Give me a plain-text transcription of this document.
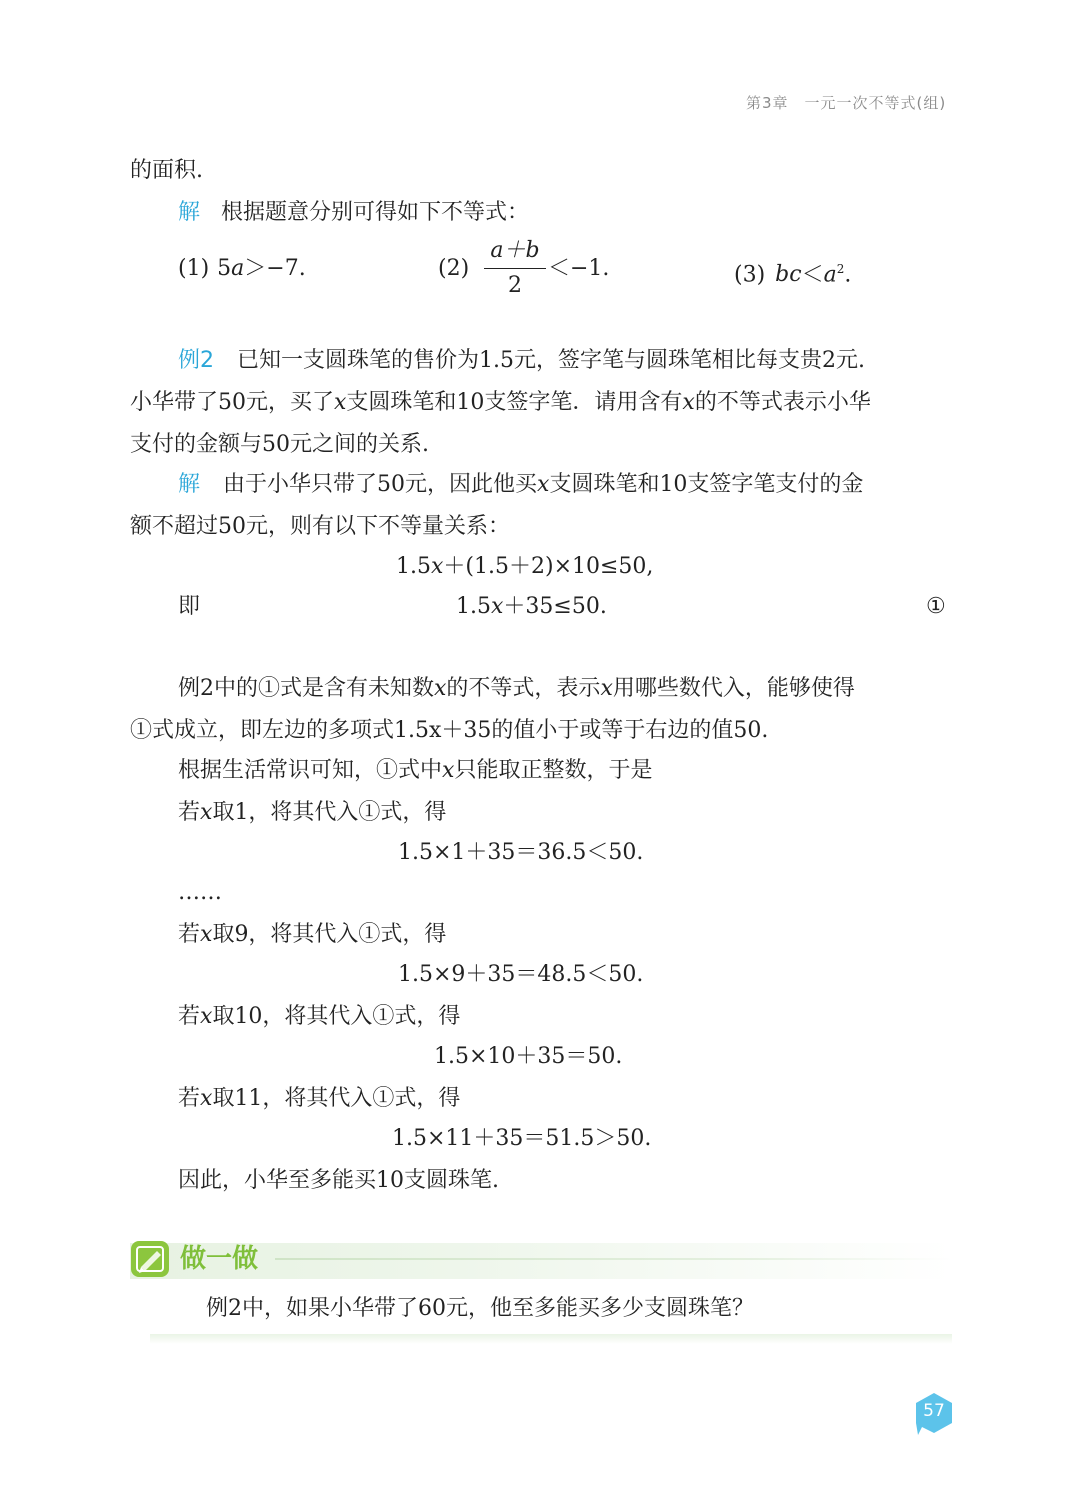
第3章　一元一次不等式(组)
的面积.
解 根据题意分别可得如下不等式：
(1) 5a＞−7.	(2)
a＋b
2
＜−1.	(3) $bc<a^2$.
例2 已知一支圆珠笔的售价为1.5元，签字笔与圆珠笔相比每支贵2元.
小华带了50元，买了x支圆珠笔和10支签字笔．请用含有x的不等式表示小华
支付的金额与50元之间的关系.
解 由于小华只带了50元，因此他买x支圆珠笔和10支签字笔支付的金
额不超过50元，则有以下不等量关系：
1.5x＋(1.5＋2)×10≤50,
即	1.5x＋35≤50.	①
例2中的①式是含有未知数x的不等式，表示x用哪些数代入，能够使得
①式成立，即左边的多项式1.5x＋35的值小于或等于右边的值50.
根据生活常识可知，①式中x只能取正整数，于是
若x取1，将其代入①式，得
1.5×1＋35＝36.5＜50.
……
若x取9，将其代入①式，得
1.5×9＋35＝48.5＜50.
若x取10，将其代入①式，得
1.5×10＋35＝50.
若x取11，将其代入①式，得
1.5×11＋35＝51.5＞50.
因此，小华至多能买10支圆珠笔.
做一做
例2中，如果小华带了60元，他至多能买多少支圆珠笔？
57
